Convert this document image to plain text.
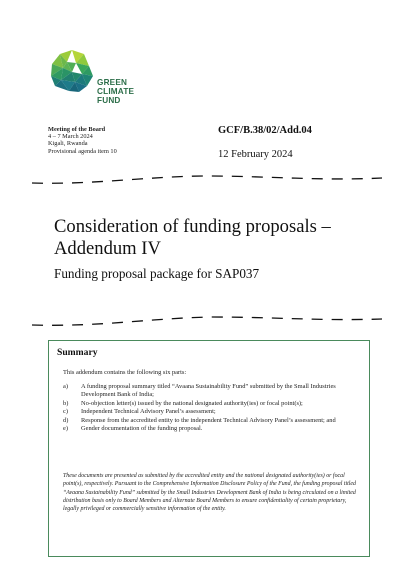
GREEN
CLIMATE
FUND
Meeting of the Board
4 – 7 March 2024
Kigali, Rwanda
Provisional agenda item 10
GCF/B.38/02/Add.04
12 February 2024
Consideration of funding proposals – Addendum IV
Funding proposal package for SAP037
Summary
This addendum contains the following six parts:
a) A funding proposal summary titled “Avaana Sustainability Fund” submitted by the Small Industries Development Bank of India;
b) No-objection letter(s) issued by the national designated authority(ies) or focal point(s);
c) Independent Technical Advisory Panel’s assessment;
d) Response from the accredited entity to the independent Technical Advisory Panel’s assessment; and
e) Gender documentation of the funding proposal.
These documents are presented as submitted by the accredited entity and the national designated authority(ies) or focal point(s), respectively. Pursuant to the Comprehensive Information Disclosure Policy of the Fund, the funding proposal titled “Avaana Sustainability Fund” submitted by the Small Industries Development Bank of India is being circulated on a limited distribution basis only to Board Members and Alternate Board Members to ensure confidentiality of certain proprietary, legally privileged or commercially sensitive information of the entity.
